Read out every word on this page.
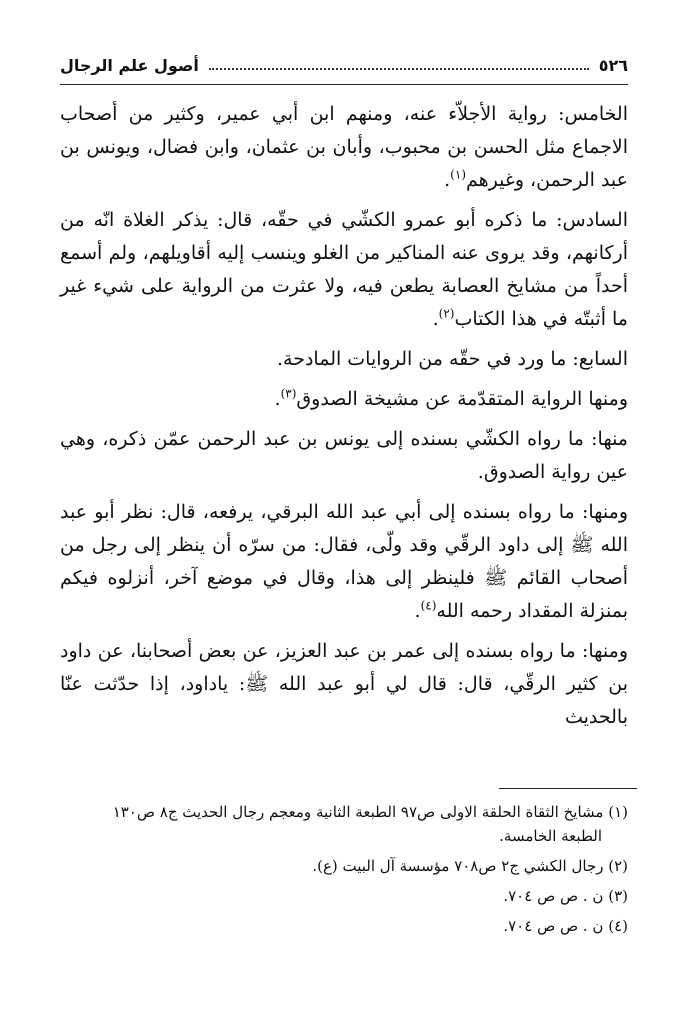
٥٢٦
أصول علم الرجال

الخامس: رواية الأجلاّء عنه، ومنهم ابن أبي عمير، وكثير من أصحاب الاجماع مثل الحسن بن محبوب، وأبان بن عثمان، وابن فضال، ويونس بن عبد الرحمن، وغيرهم$^{(١)}$.

السادس: ما ذكره أبو عمرو الكشّي في حقّه، قال: يذكر الغلاة انّه من أركانهم، وقد يروى عنه المناكير من الغلو وينسب إليه أقاويلهم، ولم أسمع أحداً من مشايخ العصابة يطعن فيه، ولا عثرت من الرواية على شيء غير ما أثبتّه في هذا الكتاب$^{(٢)}$.

السابع: ما ورد في حقّه من الروايات المادحة.

ومنها الرواية المتقدّمة عن مشيخة الصدوق$^{(٣)}$.

منها: ما رواه الكشّي بسنده إلى يونس بن عبد الرحمن عمّن ذكره، وهي عين رواية الصدوق.

ومنها: ما رواه بسنده إلى أبي عبد الله البرقي، يرفعه، قال: نظر أبو عبد الله ﷺ إلى داود الرقّي وقد ولّى، فقال: من سرّه أن ينظر إلى رجل من أصحاب القائم ﷺ فلينظر إلى هذا، وقال في موضع آخر، أنزلوه فيكم بمنزلة المقداد رحمه الله$^{(٤)}$.

ومنها: ما رواه بسنده إلى عمر بن عبد العزيز، عن بعض أصحابنا، عن داود بن كثير الرقّي، قال: قال لي أبو عبد الله ﷺ: ياداود، إذا حدّثت عنّا بالحديث

(١) مشايخ الثقاة الحلقة الاولى ص٩٧ الطبعة الثانية ومعجم رجال الحديث ج٨ ص١٣٠
الطبعة الخامسة.
(٢) رجال الكشي ج٢ ص٧٠٨ مؤسسة آل البيت (ع).
(٣) ن . ص ص ٧٠٤.
(٤) ن . ص ص ٧٠٤.
